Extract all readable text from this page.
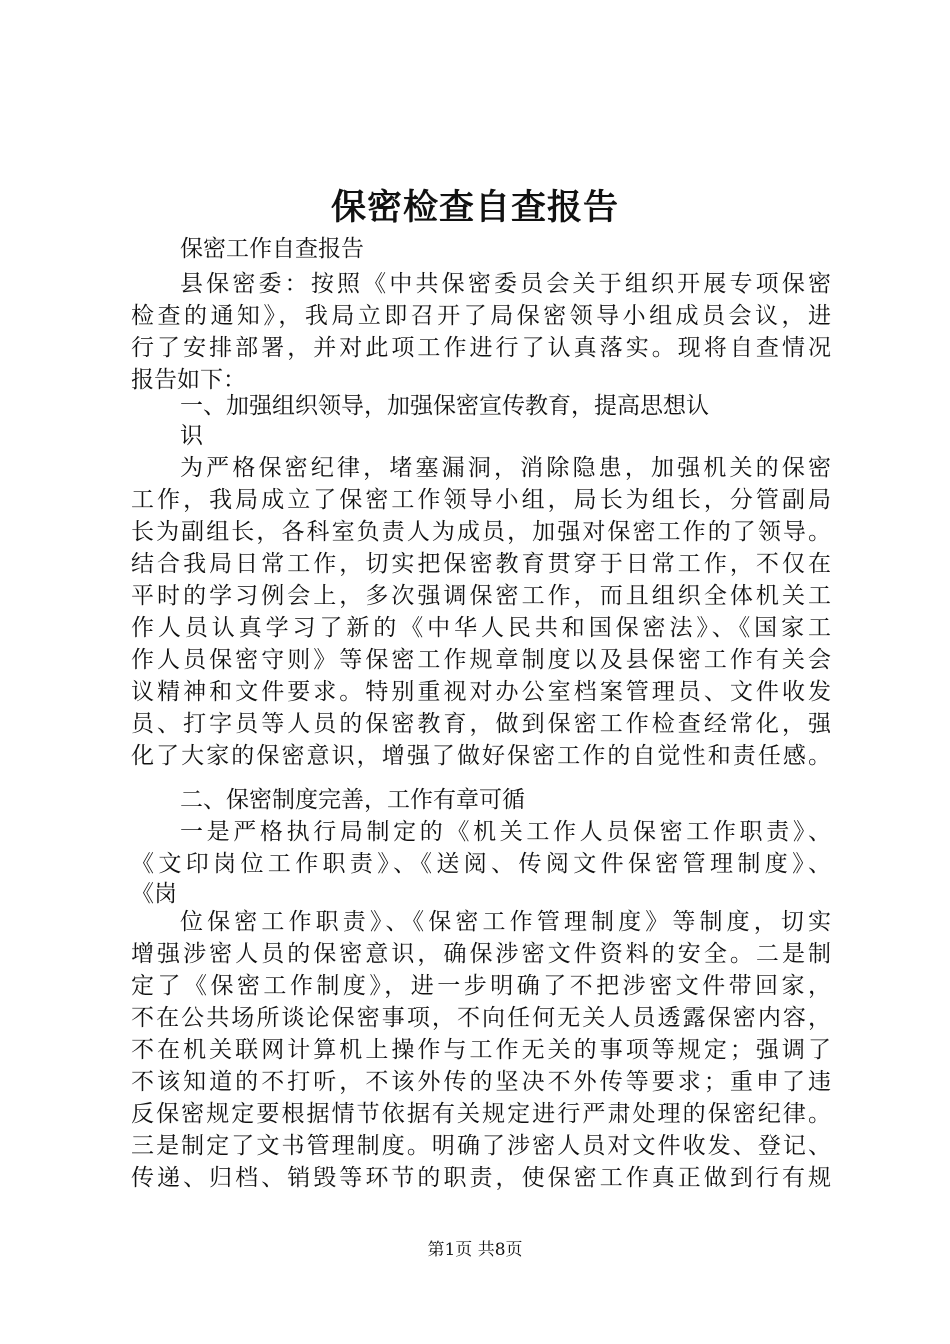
保密检查自查报告
保密工作自查报告
县保密委：按照《中共保密委员会关于组织开展专项保密
检查的通知》，我局立即召开了局保密领导小组成员会议，进
行了安排部署，并对此项工作进行了认真落实。现将自查情况
报告如下：
一、加强组织领导，加强保密宣传教育，提高思想认
识
为严格保密纪律，堵塞漏洞，消除隐患，加强机关的保密
工作，我局成立了保密工作领导小组，局长为组长，分管副局
长为副组长，各科室负责人为成员，加强对保密工作的了领导。
结合我局日常工作，切实把保密教育贯穿于日常工作，不仅在
平时的学习例会上，多次强调保密工作，而且组织全体机关工
作人员认真学习了新的《中华人民共和国保密法》、《国家工
作人员保密守则》等保密工作规章制度以及县保密工作有关会
议精神和文件要求。特别重视对办公室档案管理员、文件收发
员、打字员等人员的保密教育，做到保密工作检查经常化，强
化了大家的保密意识，增强了做好保密工作的自觉性和责任感。
二、保密制度完善，工作有章可循
一是严格执行局制定的《机关工作人员保密工作职责》、
《文印岗位工作职责》、《送阅、传阅文件保密管理制度》、
《岗
位保密工作职责》、《保密工作管理制度》等制度，切实
增强涉密人员的保密意识，确保涉密文件资料的安全。二是制
定了《保密工作制度》，进一步明确了不把涉密文件带回家，
不在公共场所谈论保密事项，不向任何无关人员透露保密内容，
不在机关联网计算机上操作与工作无关的事项等规定；强调了
不该知道的不打听，不该外传的坚决不外传等要求；重申了违
反保密规定要根据情节依据有关规定进行严肃处理的保密纪律。
三是制定了文书管理制度。明确了涉密人员对文件收发、登记、
传递、归档、销毁等环节的职责，使保密工作真正做到行有规
第1页 共8页
